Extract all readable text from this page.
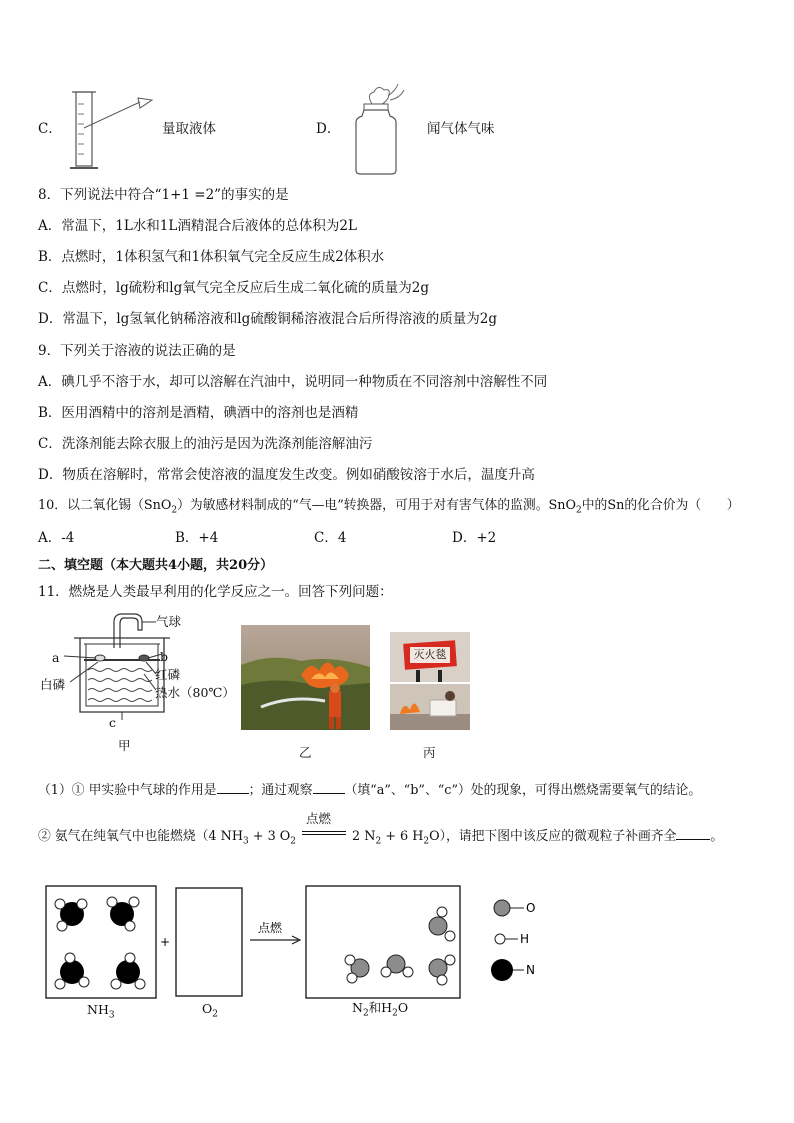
C．	量取液体	D．	闻气体气味
8．下列说法中符合“1+1 =2”的事实的是
A．常温下，1L水和1L酒精混合后液体的总体积为2L
B．点燃时，1体积氢气和1体积氧气完全反应生成2体积水
C．点燃时，lg硫粉和lg氧气完全反应后生成二氧化硫的质量为2g
D．常温下，lg氢氧化钠稀溶液和lg硫酸铜稀溶液混合后所得溶液的质量为2g
9．下列关于溶液的说法正确的是
A．碘几乎不溶于水，却可以溶解在汽油中，说明同一种物质在不同溶剂中溶解性不同
B．医用酒精中的溶剂是酒精，碘酒中的溶剂也是酒精
C．洗涤剂能去除衣服上的油污是因为洗涤剂能溶解油污
D．物质在溶解时，常常会使溶液的温度发生改变。例如硝酸铵溶于水后，温度升高
10．以二氧化锡（SnO$_2$）为敏感材料制成的“气—电”转换器，可用于对有害气体的监测。SnO$_2$中的Sn的化合价为（　　）
A．-4	B．+4	C．4	D．+2
二、填空题（本大题共4小题，共20分）
11．燃烧是人类最早利用的化学反应之一。回答下列问题：
气球
a	b
白磷
红磷
热水（80℃）
c
甲	乙
灭火毯
丙
（1）① 甲实验中气球的作用是	；通过观察	（填“a”、“b”、“c”）处的现象，可得出燃烧需要氧气的结论。
② 氨气在纯氧气中也能燃烧（4 $NH_3 + 3$ $O_2$
点燃
2 $N_2 + 6$ $H_2O$），请把下图中该反应的微观粒子补画齐全	。
+
点燃
O
H
N
$NH_3$	$O_2$	$N_2$和$H_2O$
